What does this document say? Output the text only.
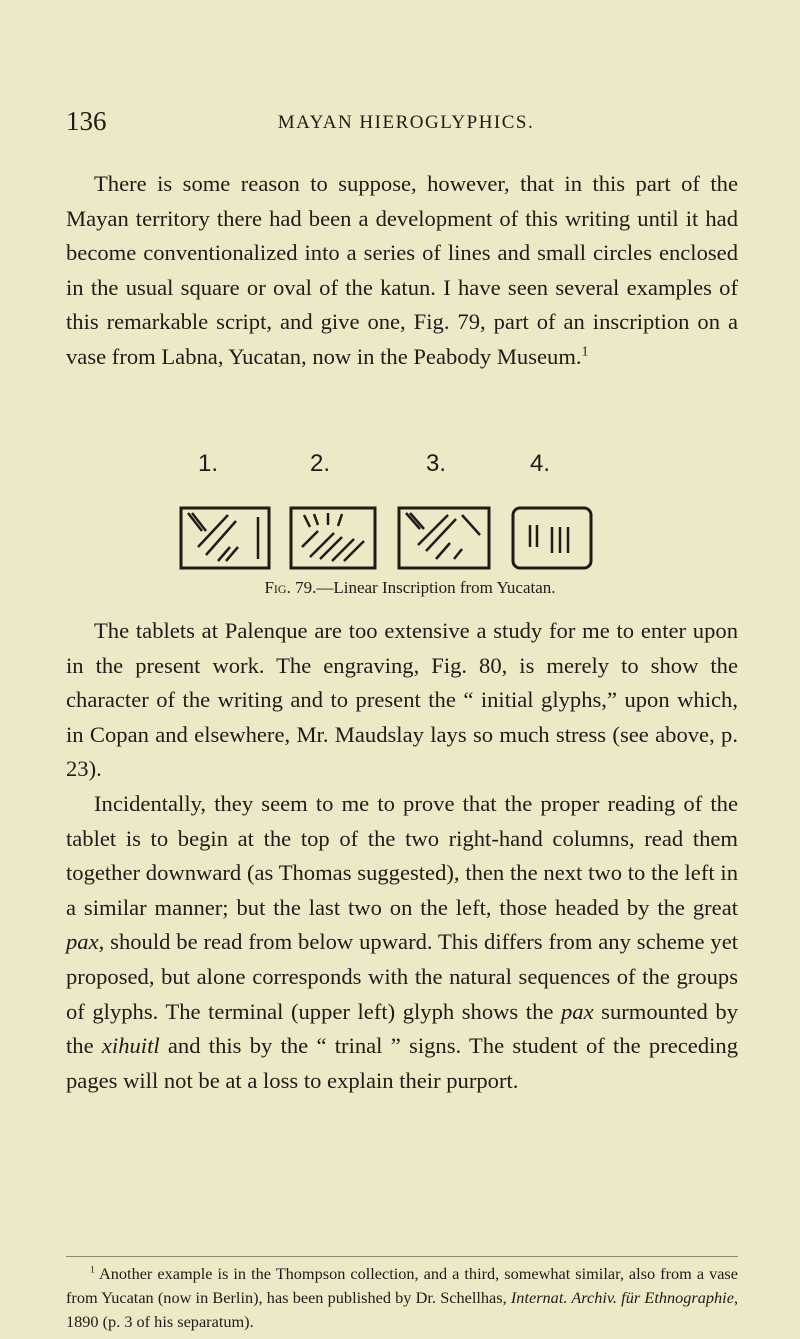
136	MAYAN HIEROGLYPHICS.

There is some reason to suppose, however, that in this part of the Mayan territory there had been a development of this writing until it had become conventionalized into a series of lines and small circles enclosed in the usual square or oval of the katun. I have seen several examples of this remarkable script, and give one, Fig. 79, part of an inscription on a vase from Labna, Yucatan, now in the Peabody Museum.$^1$

1.	2.	3.	4.
Fig. 79.—Linear Inscription from Yucatan.

The tablets at Palenque are too extensive a study for me to enter upon in the present work. The engraving, Fig. 80, is merely to show the character of the writing and to present the “ initial glyphs,” upon which, in Copan and elsewhere, Mr. Maudslay lays so much stress (see above, p. 23).

Incidentally, they seem to me to prove that the proper reading of the tablet is to begin at the top of the two right-hand columns, read them together downward (as Thomas suggested), then the next two to the left in a similar manner; but the last two on the left, those headed by the great pax, should be read from below upward. This differs from any scheme yet proposed, but alone corresponds with the natural sequences of the groups of glyphs. The terminal (upper left) glyph shows the pax surmounted by the xihuitl and this by the “ trinal ” signs. The student of the preceding pages will not be at a loss to explain their purport.

$^1$ Another example is in the Thompson collection, and a third, somewhat similar, also from a vase from Yucatan (now in Berlin), has been published by Dr. Schellhas, Internat. Archiv. für Ethnographie, 1890 (p. 3 of his separatum).
